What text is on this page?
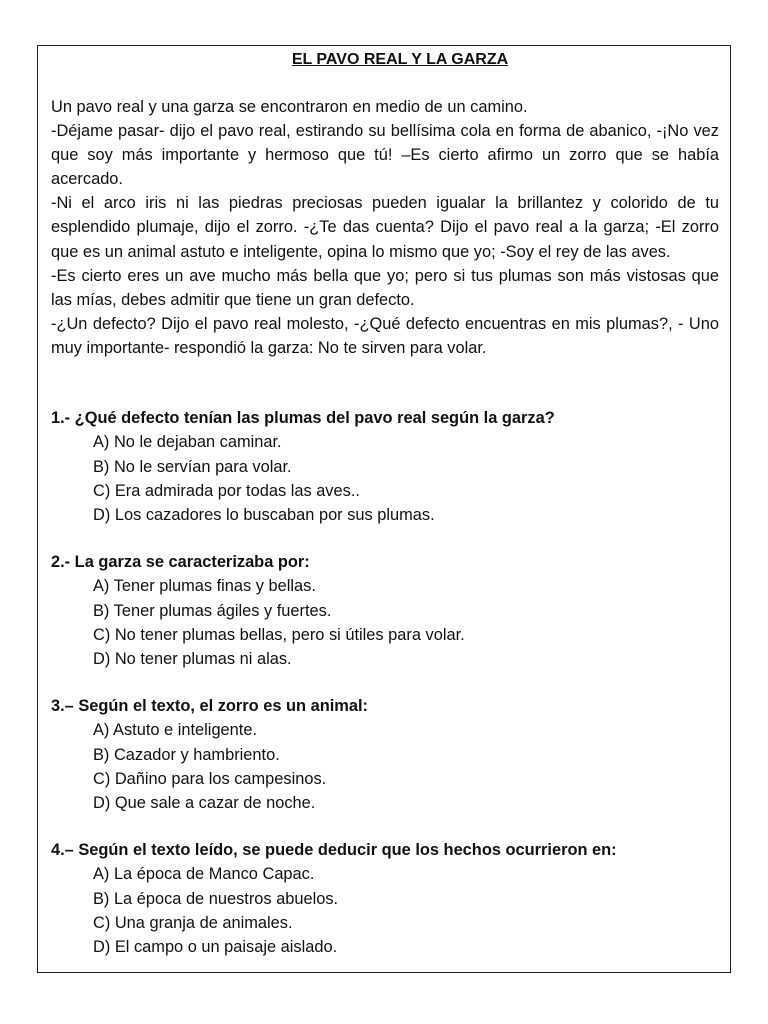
EL PAVO REAL Y LA GARZA

Un pavo real y una garza se encontraron en medio de un camino.

-Déjame pasar- dijo el pavo real, estirando su bellísima cola en forma de abanico, -¡No vez que soy más importante y hermoso que tú! –Es cierto afirmo un zorro que se había acercado.

-Ni el arco iris ni las piedras preciosas pueden igualar la brillantez y colorido de tu esplendido plumaje, dijo el zorro. -¿Te das cuenta? Dijo el pavo real a la garza; -El zorro que es un animal astuto e inteligente, opina lo mismo que yo; -Soy el rey de las aves.

-Es cierto eres un ave mucho más bella que yo; pero si tus plumas son más vistosas que las mías, debes admitir que tiene un gran defecto.

-¿Un defecto? Dijo el pavo real molesto, -¿Qué defecto encuentras en mis plumas?, - Uno muy importante- respondió la garza: No te sirven para volar.

1.- ¿Qué defecto tenían las plumas del pavo real según la garza?
A) No le dejaban caminar.
B) No le servían para volar.
C) Era admirada por todas las aves..
D) Los cazadores lo buscaban por sus plumas.
2.- La garza se caracterizaba por:
A) Tener plumas finas y bellas.
B) Tener plumas ágiles y fuertes.
C) No tener plumas bellas, pero si útiles para volar.
D) No tener plumas ni alas.
3.– Según el texto, el zorro es un animal:
A) Astuto e inteligente.
B) Cazador y hambriento.
C) Dañino para los campesinos.
D) Que sale a cazar de noche.
4.– Según el texto leído, se puede deducir que los hechos ocurrieron en:
A) La época de Manco Capac.
B) La época de nuestros abuelos.
C) Una granja de animales.
D) El campo o un paisaje aislado.
